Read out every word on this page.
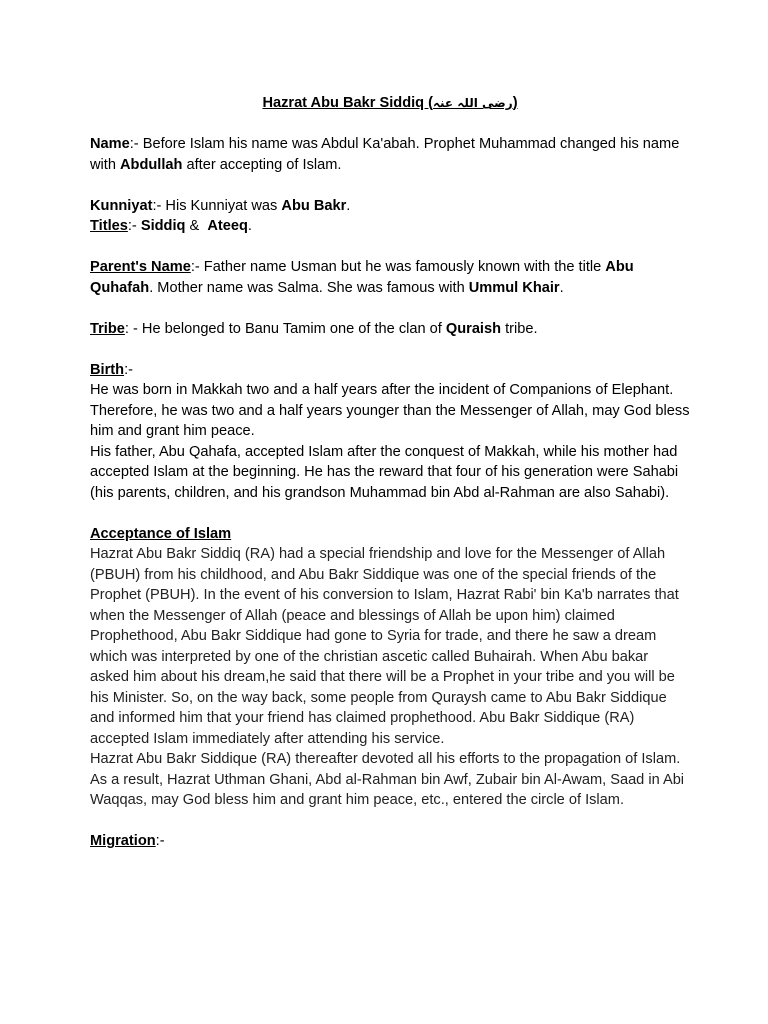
Hazrat Abu Bakr Siddiq (رضی اللہ عنہ)

Name:- Before Islam his name was Abdul Ka'abah. Prophet Muhammad changed his name with Abdullah after accepting of Islam.

Kunniyat:- His Kunniyat was Abu Bakr.

Titles:- Siddiq &  Ateeq.

Parent's Name:- Father name Usman but he was famously known with the title Abu Quhafah. Mother name was Salma. She was famous with Ummul Khair.

Tribe: - He belonged to Banu Tamim one of the clan of Quraish tribe.

Birth:-

He was born in Makkah two and a half years after the incident of Companions of Elephant. Therefore, he was two and a half years younger than the Messenger of Allah, may God bless him and grant him peace.

His father, Abu Qahafa, accepted Islam after the conquest of Makkah, while his mother had accepted Islam at the beginning. He has the reward that four of his generation were Sahabi (his parents, children, and his grandson Muhammad bin Abd al-Rahman are also Sahabi).

Acceptance of Islam

Hazrat Abu Bakr Siddiq (RA) had a special friendship and love for the Messenger of Allah (PBUH) from his childhood, and Abu Bakr Siddique was one of the special friends of the Prophet (PBUH). In the event of his conversion to Islam, Hazrat Rabi' bin Ka'b narrates that when the Messenger of Allah (peace and blessings of Allah be upon him) claimed Prophethood, Abu Bakr Siddique had gone to Syria for trade, and there he saw a dream which was interpreted by one of the christian ascetic called Buhairah. When Abu bakar asked him about his dream,he said that there will be a Prophet in your tribe and you will be his Minister. So, on the way back, some people from Quraysh came to Abu Bakr Siddique and informed him that your friend has claimed prophethood. Abu Bakr Siddique (RA) accepted Islam immediately after attending his service.

Hazrat Abu Bakr Siddique (RA) thereafter devoted all his efforts to the propagation of Islam. As a result, Hazrat Uthman Ghani, Abd al-Rahman bin Awf, Zubair bin Al-Awam, Saad in Abi Waqqas, may God bless him and grant him peace, etc., entered the circle of Islam.

Migration:-
